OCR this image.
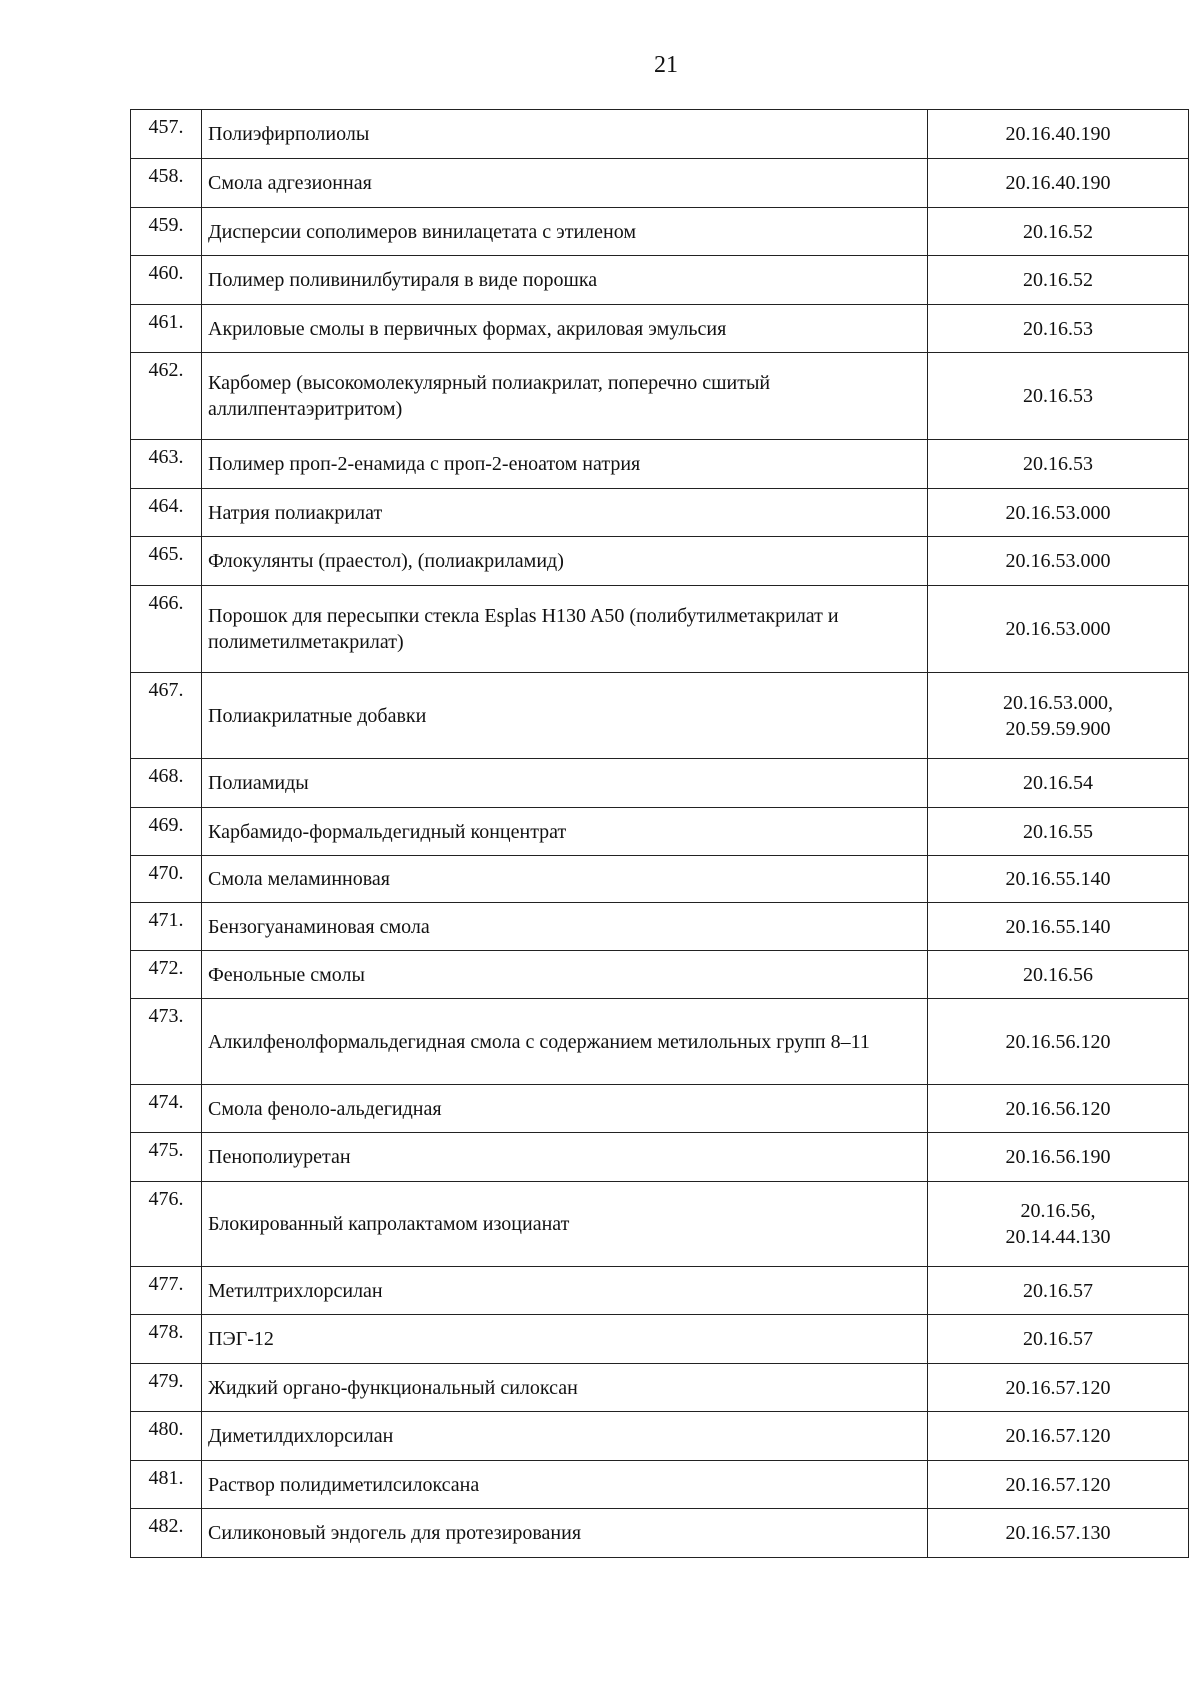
21
457.	Полиэфирполиолы	20.16.40.190
458.	Смола адгезионная	20.16.40.190
459.	Дисперсии сополимеров винилацетата с этиленом	20.16.52
460.	Полимер поливинилбутираля в виде порошка	20.16.52
461.	Акриловые смолы в первичных формах, акриловая эмульсия	20.16.53
462.	Карбомер (высокомолекулярный полиакрилат, поперечно сшитый аллилпентаэритритом)	20.16.53
463.	Полимер проп-2-енамида с проп-2-еноатом натрия	20.16.53
464.	Натрия полиакрилат	20.16.53.000
465.	Флокулянты (праестол), (полиакриламид)	20.16.53.000
466.	Порошок для пересыпки стекла Esplas H130 A50 (полибутилметакрилат и полиметилметакрилат)	20.16.53.000
467.	Полиакрилатные добавки	20.16.53.000,
20.59.59.900
468.	Полиамиды	20.16.54
469.	Карбамидо-формальдегидный концентрат	20.16.55
470.	Смола меламинновая	20.16.55.140
471.	Бензогуанаминовая смола	20.16.55.140
472.	Фенольные смолы	20.16.56
473.	Алкилфенолформальдегидная смола с содержанием метилольных групп 8–11	20.16.56.120
474.	Смола феноло-альдегидная	20.16.56.120
475.	Пенополиуретан	20.16.56.190
476.	Блокированный капролактамом изоцианат	20.16.56,
20.14.44.130
477.	Метилтрихлорсилан	20.16.57
478.	ПЭГ-12	20.16.57
479.	Жидкий органо-функциональный силоксан	20.16.57.120
480.	Диметилдихлорсилан	20.16.57.120
481.	Раствор полидиметилсилоксана	20.16.57.120
482.	Силиконовый эндогель для протезирования	20.16.57.130
